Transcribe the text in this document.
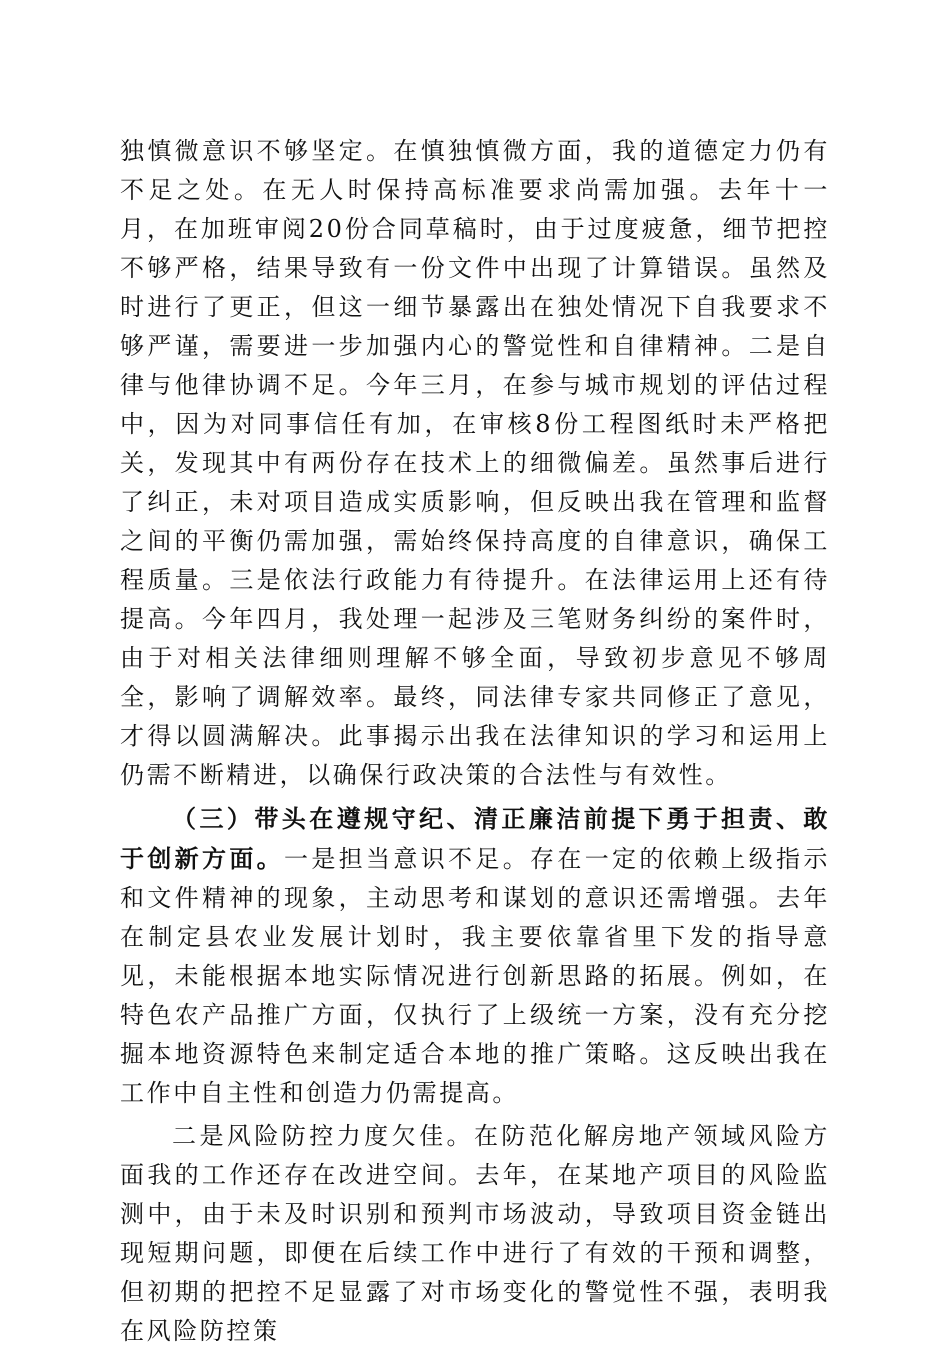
独慎微意识不够坚定。在慎独慎微方面，我的道德定力仍有不足之处。在无人时保持高标准要求尚需加强。去年十一月，在加班审阅20份合同草稿时，由于过度疲惫，细节把控不够严格，结果导致有一份文件中出现了计算错误。虽然及时进行了更正，但这一细节暴露出在独处情况下自我要求不够严谨，需要进一步加强内心的警觉性和自律精神。二是自律与他律协调不足。今年三月，在参与城市规划的评估过程中，因为对同事信任有加，在审核8份工程图纸时未严格把关，发现其中有两份存在技术上的细微偏差。虽然事后进行了纠正，未对项目造成实质影响，但反映出我在管理和监督之间的平衡仍需加强，需始终保持高度的自律意识，确保工程质量。三是依法行政能力有待提升。在法律运用上还有待提高。今年四月，我处理一起涉及三笔财务纠纷的案件时，由于对相关法律细则理解不够全面，导致初步意见不够周全，影响了调解效率。最终，同法律专家共同修正了意见，才得以圆满解决。此事揭示出我在法律知识的学习和运用上仍需不断精进，以确保行政决策的合法性与有效性。

（三）带头在遵规守纪、清正廉洁前提下勇于担责、敢于创新方面。一是担当意识不足。存在一定的依赖上级指示和文件精神的现象，主动思考和谋划的意识还需增强。去年在制定县农业发展计划时，我主要依靠省里下发的指导意见，未能根据本地实际情况进行创新思路的拓展。例如，在特色农产品推广方面，仅执行了上级统一方案，没有充分挖掘本地资源特色来制定适合本地的推广策略。这反映出我在工作中自主性和创造力仍需提高。

二是风险防控力度欠佳。在防范化解房地产领域风险方面我的工作还存在改进空间。去年，在某地产项目的风险监测中，由于未及时识别和预判市场波动，导致项目资金链出现短期问题，即便在后续工作中进行了有效的干预和调整，但初期的把控不足显露了对市场变化的警觉性不强，表明我在风险防控策
